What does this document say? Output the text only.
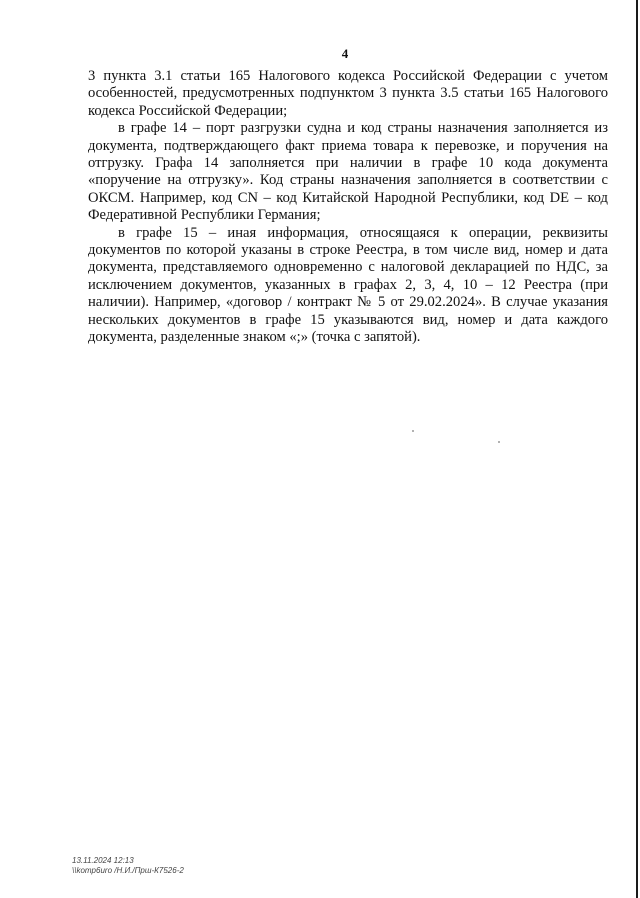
4

3 пункта 3.1 статьи 165 Налогового кодекса Российской Федерации с учетом особенностей, предусмотренных подпунктом 3 пункта 3.5 статьи 165 Налогового кодекса Российской Федерации;

в графе 14 – порт разгрузки судна и код страны назначения заполняется из документа, подтверждающего факт приема товара к перевозке, и поручения на отгрузку. Графа 14 заполняется при наличии в графе 10 кода документа «поручение на отгрузку». Код страны назначения заполняется в соответствии с ОКСМ. Например, код CN – код Китайской Народной Республики, код DE – код Федеративной Республики Германия;

в графе 15 – иная информация, относящаяся к операции, реквизиты документов по которой указаны в строке Реестра, в том числе вид, номер и дата документа, представляемого одновременно с налоговой декларацией по НДС, за исключением документов, указанных в графах 2, 3, 4, 10 – 12 Реестра (при наличии). Например, «договор / контракт № 5 от 29.02.2024». В случае указания нескольких документов в графе 15 указываются вид, номер и дата каждого документа, разделенные знаком «;» (точка с запятой).

13.11.2024 12:13
\\komp6uro /Н.И./Прш-К7526-2
